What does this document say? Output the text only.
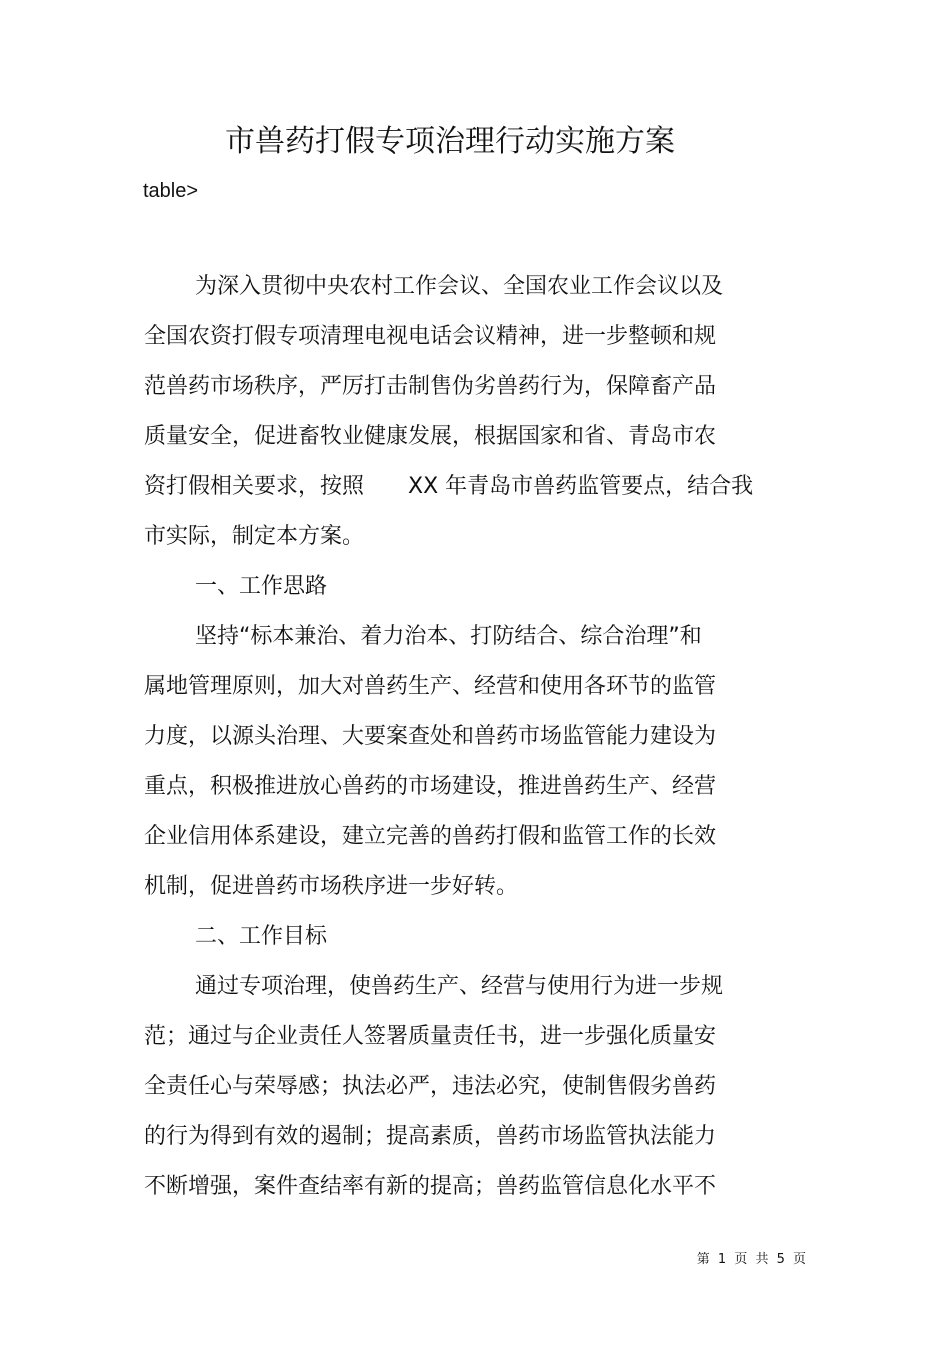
市兽药打假专项治理行动实施方案
table>

为深入贯彻中央农村工作会议、全国农业工作会议以及

全国农资打假专项清理电视电话会议精神，进一步整顿和规

范兽药市场秩序，严厉打击制售伪劣兽药行为，保障畜产品

质量安全，促进畜牧业健康发展，根据国家和省、青岛市农

资打假相关要求，按照　　XX 年青岛市兽药监管要点，结合我

市实际，制定本方案。

一、工作思路

坚持“标本兼治、着力治本、打防结合、综合治理”和

属地管理原则，加大对兽药生产、经营和使用各环节的监管

力度，以源头治理、大要案查处和兽药市场监管能力建设为

重点，积极推进放心兽药的市场建设，推进兽药生产、经营

企业信用体系建设，建立完善的兽药打假和监管工作的长效

机制，促进兽药市场秩序进一步好转。

二、工作目标

通过专项治理，使兽药生产、经营与使用行为进一步规

范；通过与企业责任人签署质量责任书，进一步强化质量安

全责任心与荣辱感；执法必严，违法必究，使制售假劣兽药

的行为得到有效的遏制；提高素质，兽药市场监管执法能力

不断增强，案件查结率有新的提高；兽药监管信息化水平不

第 1 页 共 5 页
